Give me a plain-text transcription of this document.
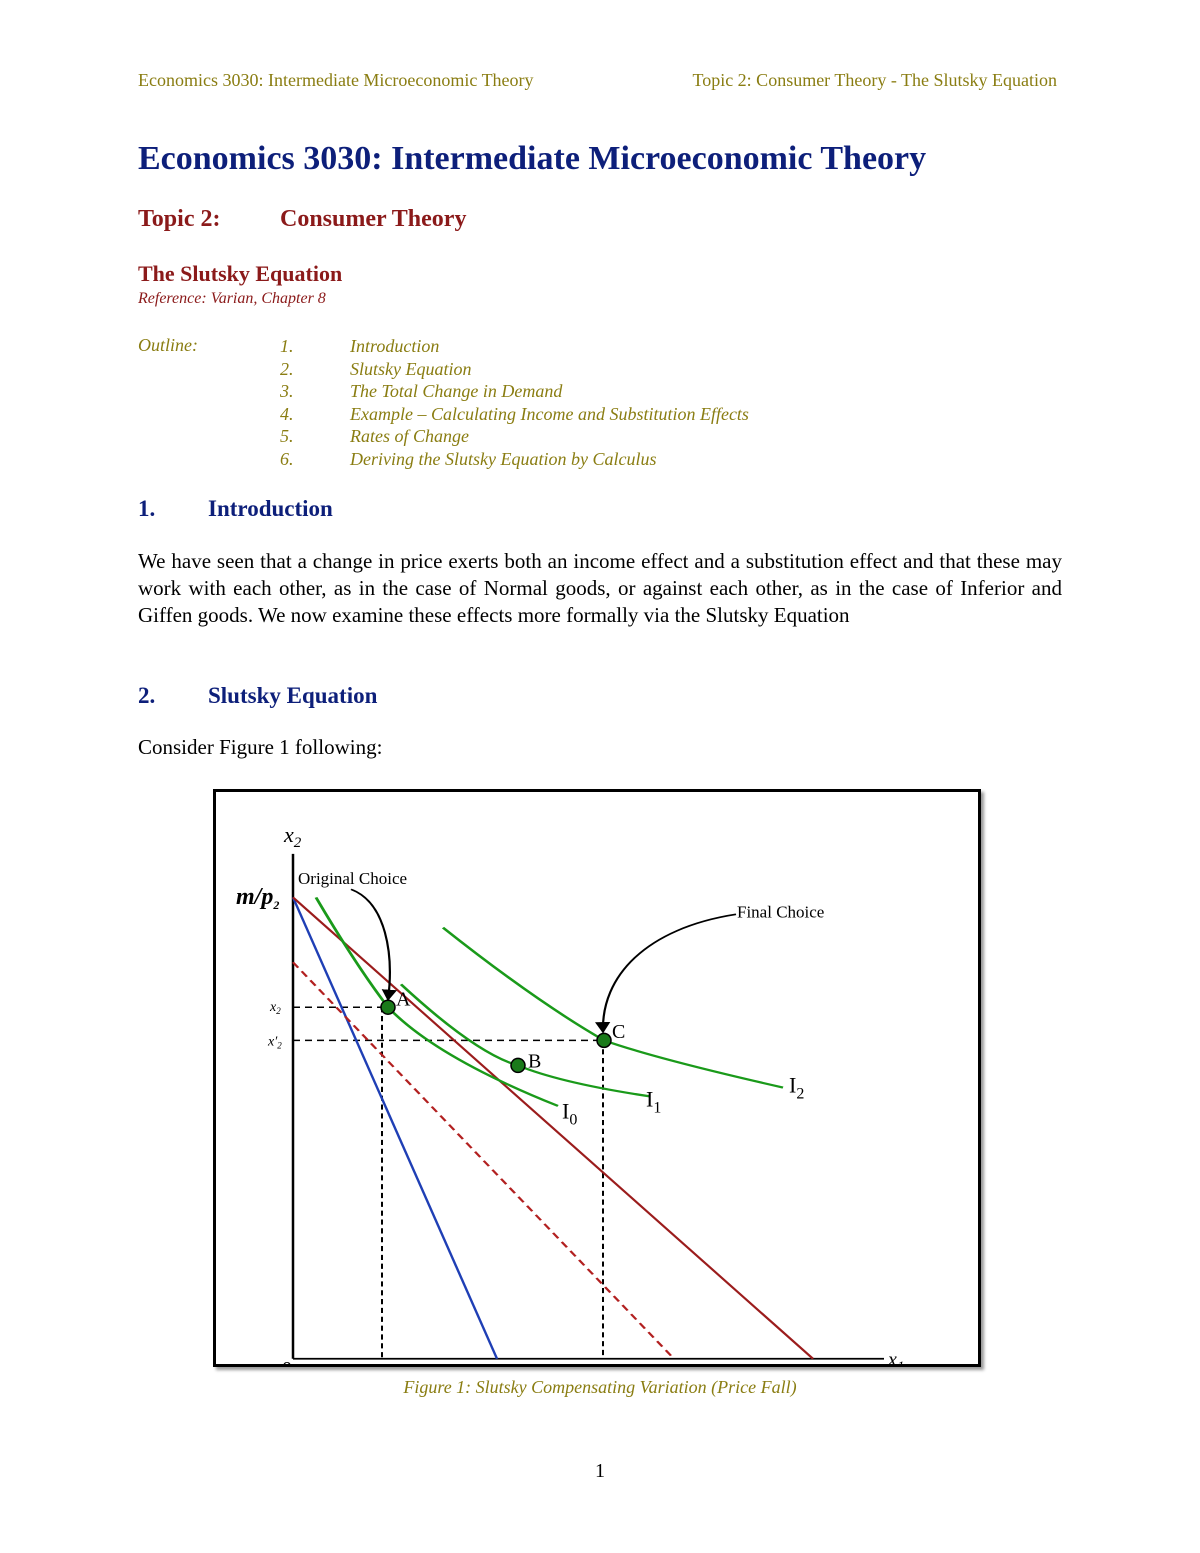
Economics 3030: Intermediate Microeconomic Theory	Topic 2: Consumer Theory - The Slutsky Equation
Economics 3030: Intermediate Microeconomic Theory
Topic 2: Consumer Theory
The Slutsky Equation
Reference: Varian, Chapter 8
Outline:	1.	Introduction
2.	Slutsky Equation
3.	The Total Change in Demand
4.	Example – Calculating Income and Substitution Effects
5.	Rates of Change
6.	Deriving the Slutsky Equation by Calculus
1. Introduction

We have seen that a change in price exerts both an income effect and a substitution effect and that these may work with each other, as in the case of Normal goods, or against each other, as in the case of Inferior and Giffen goods. We now examine these effects more formally via the Slutsky Equation

2. Slutsky Equation

Consider Figure 1 following:

$x_2$
x
$m/p_2$
$x_2$
$x'_2$
Original Choice
Final Choice
A
B
C
$I_0$
$I_1$
$I_2$
Figure 1: Slutsky Compensating Variation (Price Fall)
1
